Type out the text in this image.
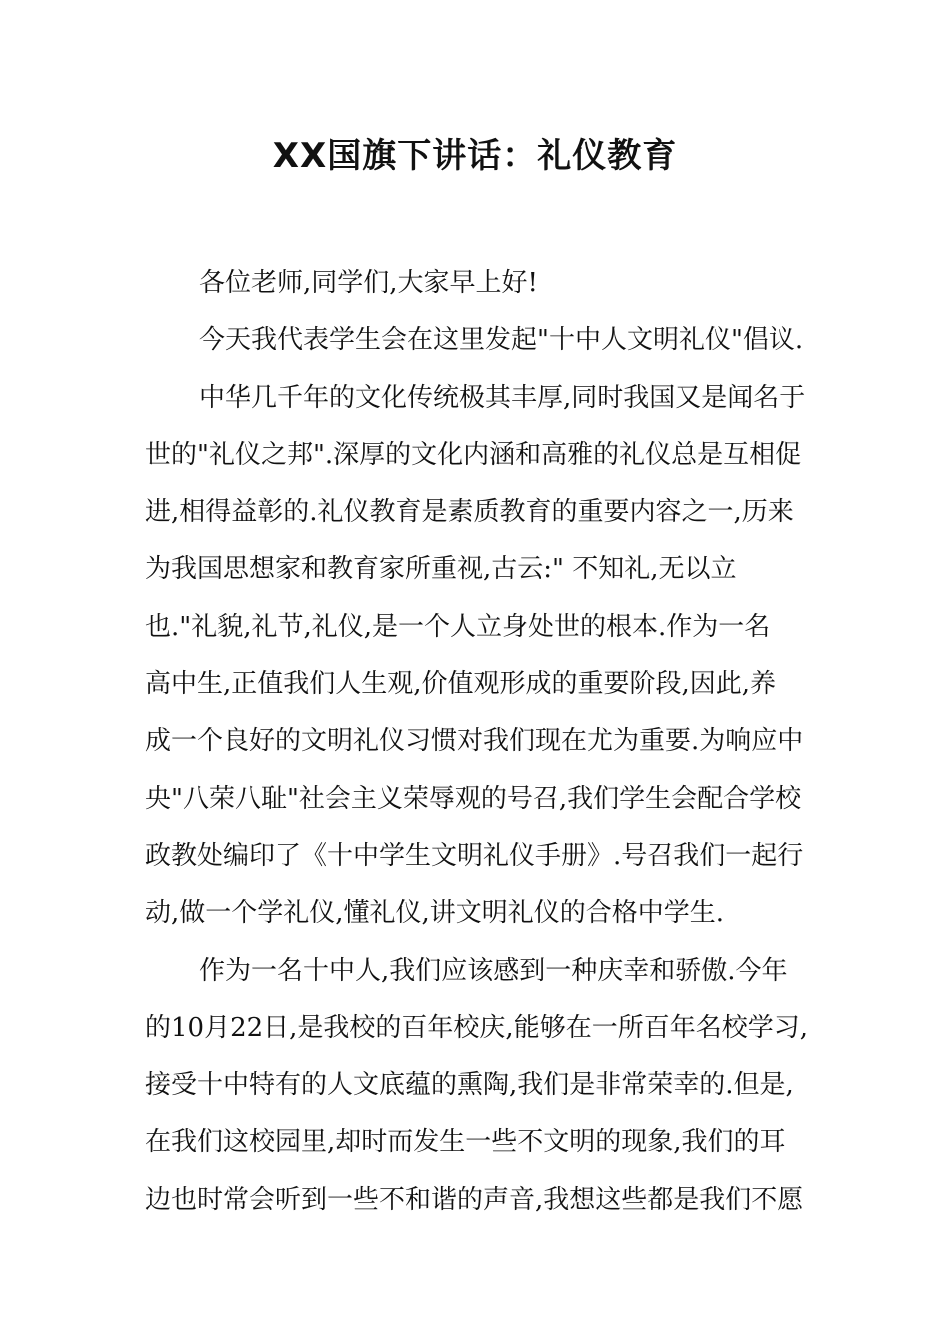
XX国旗下讲话：礼仪教育
各位老师,同学们,大家早上好!
今天我代表学生会在这里发起"十中人文明礼仪"倡议.
中华几千年的文化传统极其丰厚,同时我国又是闻名于
世的"礼仪之邦".深厚的文化内涵和高雅的礼仪总是互相促
进,相得益彰的.礼仪教育是素质教育的重要内容之一,历来
为我国思想家和教育家所重视,古云:" 不知礼,无以立
也."礼貌,礼节,礼仪,是一个人立身处世的根本.作为一名
高中生,正值我们人生观,价值观形成的重要阶段,因此,养
成一个良好的文明礼仪习惯对我们现在尤为重要.为响应中
央"八荣八耻"社会主义荣辱观的号召,我们学生会配合学校
政教处编印了《十中学生文明礼仪手册》.号召我们一起行
动,做一个学礼仪,懂礼仪,讲文明礼仪的合格中学生.
作为一名十中人,我们应该感到一种庆幸和骄傲.今年
的10月22日,是我校的百年校庆,能够在一所百年名校学习,
接受十中特有的人文底蕴的熏陶,我们是非常荣幸的.但是,
在我们这校园里,却时而发生一些不文明的现象,我们的耳
边也时常会听到一些不和谐的声音,我想这些都是我们不愿
